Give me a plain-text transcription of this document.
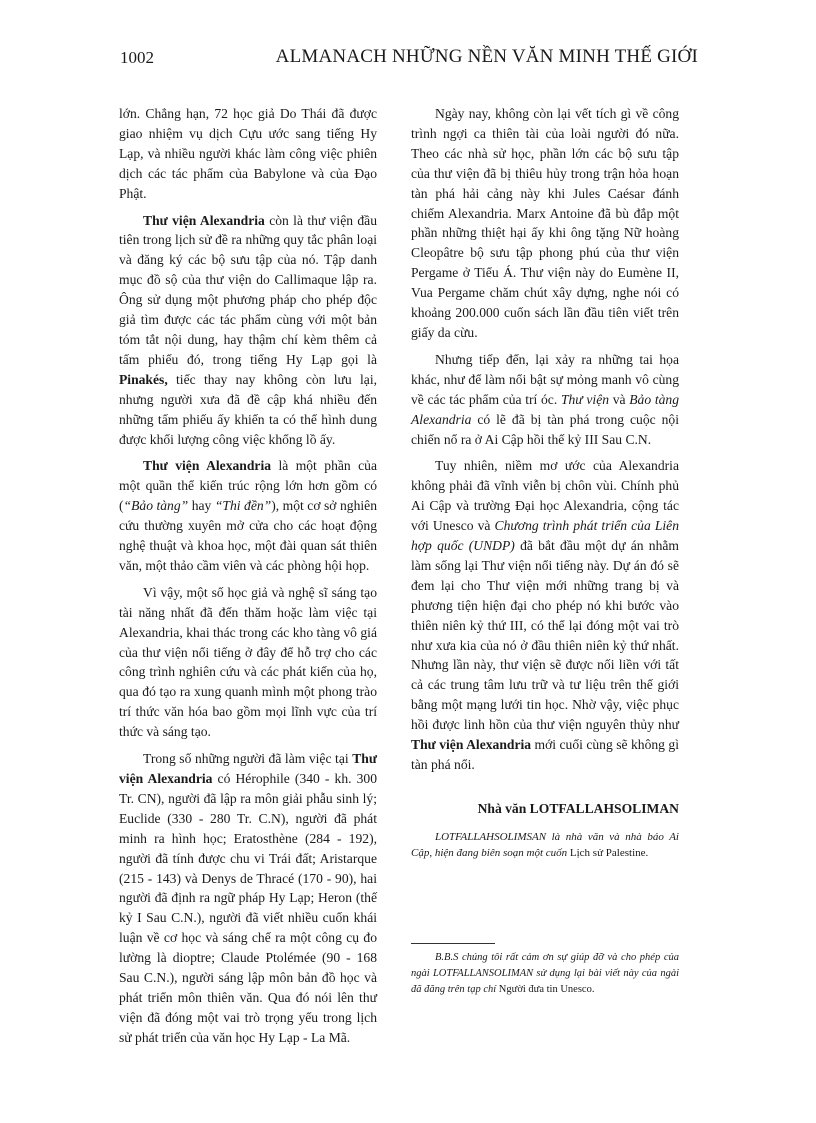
1002	ALMANACH NHỮNG NỀN VĂN MINH THẾ GIỚI

lớn. Chẳng hạn, 72 học giả Do Thái đã được giao nhiệm vụ dịch Cựu ước sang tiếng Hy Lạp, và nhiều người khác làm công việc phiên dịch các tác phẩm của Babylone và của Đạo Phật.

Thư viện Alexandria còn là thư viện đầu tiên trong lịch sử đề ra những quy tắc phân loại và đăng ký các bộ sưu tập của nó. Tập danh mục đồ sộ của thư viện do Callimaque lập ra. Ông sử dụng một phương pháp cho phép độc giả tìm được các tác phẩm cùng với một bản tóm tắt nội dung, hay thậm chí kèm thêm cả tấm phiếu đó, trong tiếng Hy Lạp gọi là Pinakés, tiếc thay nay không còn lưu lại, nhưng người xưa đã đề cập khá nhiều đến những tấm phiếu ấy khiến ta có thể hình dung được khối lượng công việc khổng lồ ấy.

Thư viện Alexandria là một phần của một quần thể kiến trúc rộng lớn hơn gồm có (“Bảo tàng” hay “Thi đền”), một cơ sở nghiên cứu thường xuyên mở cửa cho các hoạt động nghệ thuật và khoa học, một đài quan sát thiên văn, một thảo cầm viên và các phòng hội họp.

Vì vậy, một số học giả và nghệ sĩ sáng tạo tài năng nhất đã đến thăm hoặc làm việc tại Alexandria, khai thác trong các kho tàng vô giá của thư viện nổi tiếng ở đây để hỗ trợ cho các công trình nghiên cứu và các phát kiến của họ, qua đó tạo ra xung quanh mình một phong trào trí thức văn hóa bao gồm mọi lĩnh vực của trí thức và sáng tạo.

Trong số những người đã làm việc tại Thư viện Alexandria có Hérophile (340 - kh. 300 Tr. CN), người đã lập ra môn giải phẫu sinh lý; Euclide (330 - 280 Tr. C.N), người đã phát minh ra hình học; Eratosthène (284 - 192), người đã tính được chu vi Trái đất; Aristarque (215 - 143) và Denys de Thracé (170 - 90), hai người đã định ra ngữ pháp Hy Lạp; Heron (thế kỷ I Sau C.N.), người đã viết nhiều cuốn khái luận về cơ học và sáng chế ra một công cụ đo lường là dioptre; Claude Ptolémée (90 - 168 Sau C.N.), người sáng lập môn bản đồ học và phát triển môn thiên văn. Qua đó nói lên thư viện đã đóng một vai trò trọng yếu trong lịch sử phát triển của văn học Hy Lạp - La Mã.

Ngày nay, không còn lại vết tích gì về công trình ngợi ca thiên tài của loài người đó nữa. Theo các nhà sử học, phần lớn các bộ sưu tập của thư viện đã bị thiêu hủy trong trận hỏa hoạn tàn phá hải cảng này khi Jules Caésar đánh chiếm Alexandria. Marx Antoine đã bù đắp một phần những thiệt hại ấy khi ông tặng Nữ hoàng Cleopâtre bộ sưu tập phong phú của thư viện Pergame ở Tiểu Á. Thư viện này do Eumène II, Vua Pergame chăm chút xây dựng, nghe nói có khoảng 200.000 cuốn sách lần đầu tiên viết trên giấy da cừu.

Nhưng tiếp đến, lại xảy ra những tai họa khác, như để làm nổi bật sự mỏng manh vô cùng về các tác phẩm của trí óc. Thư viện và Bảo tàng Alexandria có lẽ đã bị tàn phá trong cuộc nội chiến nổ ra ở Ai Cập hồi thế kỷ III Sau C.N.

Tuy nhiên, niềm mơ ước của Alexandria không phải đã vĩnh viễn bị chôn vùi. Chính phủ Ai Cập và trường Đại học Alexandria, cộng tác với Unesco và Chương trình phát triển của Liên hợp quốc (UNDP) đã bắt đầu một dự án nhằm làm sống lại Thư viện nổi tiếng này. Dự án đó sẽ đem lại cho Thư viện mới những trang bị và phương tiện hiện đại cho phép nó khi bước vào thiên niên kỷ thứ III, có thể lại đóng một vai trò như xưa kia của nó ở đầu thiên niên kỷ thứ nhất. Nhưng lần này, thư viện sẽ được nối liền với tất cả các trung tâm lưu trữ và tư liệu trên thế giới bằng một mạng lưới tin học. Nhờ vậy, việc phục hồi được linh hồn của thư viện nguyên thủy như Thư viện Alexandria mới cuối cùng sẽ không gì tàn phá nổi.

Nhà văn LOTFALLAHSOLIMAN

LOTFALLAHSOLIMSAN là nhà văn và nhà báo Ai Cập, hiện đang biên soạn một cuốn Lịch sử Palestine.

B.B.S chúng tôi rất cảm ơn sự giúp đỡ và cho phép của ngài LOTFALLANSOLIMAN sử dụng lại bài viết này của ngài đã đăng trên tạp chí Người đưa tin Unesco.
